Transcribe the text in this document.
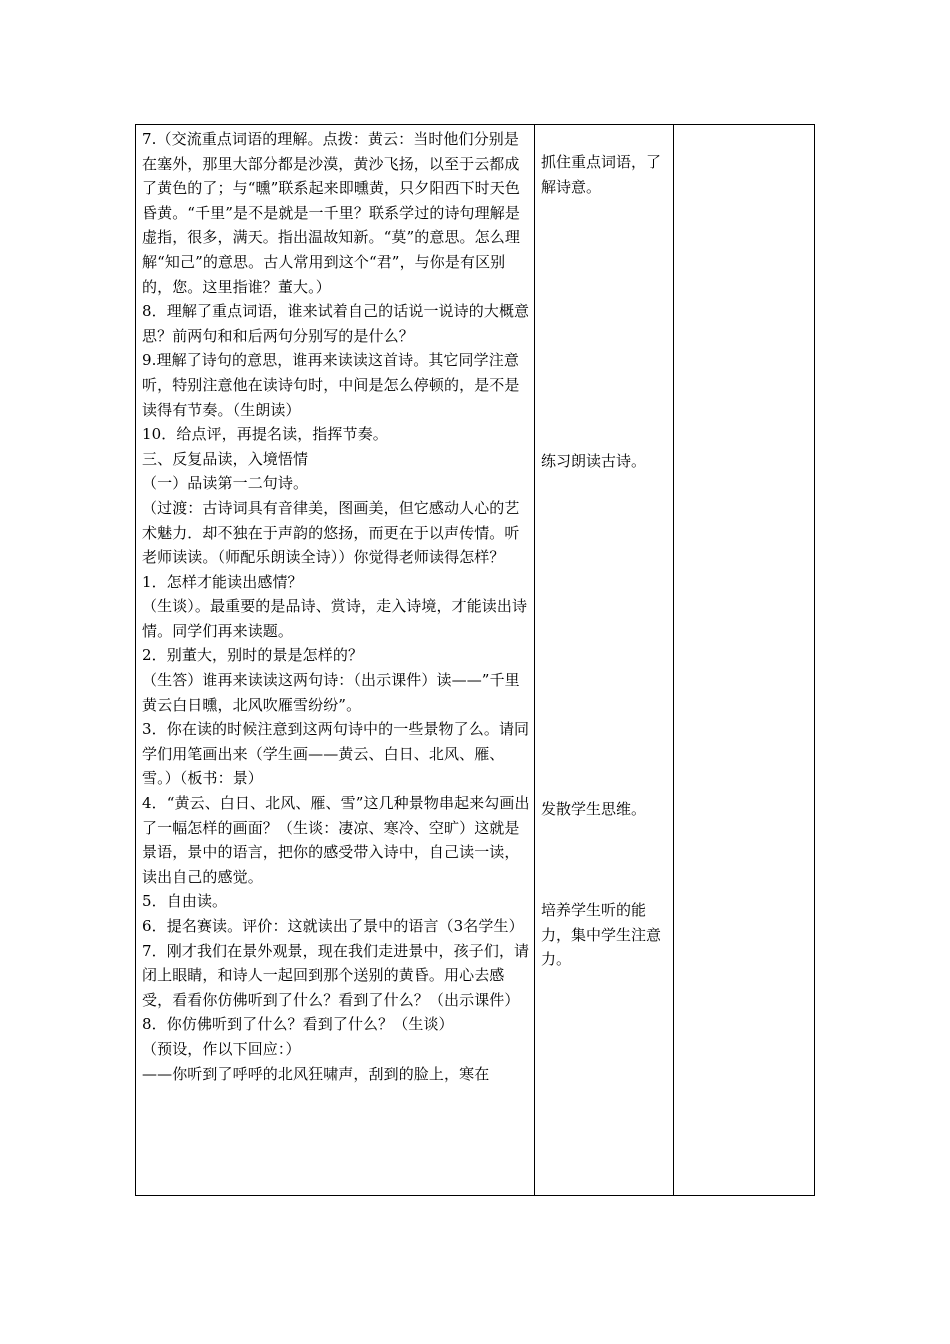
7.（交流重点词语的理解。点拨：黄云：当时他们分别是在塞外，那里大部分都是沙漠，黄沙飞扬，以至于云都成了黄色的了；与“曛”联系起来即曛黄，只夕阳西下时天色昏黄。“千里”是不是就是一千里？联系学过的诗句理解是虚指，很多，满天。指出温故知新。“莫”的意思。怎么理解“知己”的意思。古人常用到这个“君”，与你是有区别的，您。这里指谁？董大。）

8．理解了重点词语，谁来试着自己的话说一说诗的大概意思？前两句和和后两句分别写的是什么？

9.理解了诗句的意思，谁再来读读这首诗。其它同学注意听，特别注意他在读诗句时，中间是怎么停顿的，是不是读得有节奏。（生朗读）

10．给点评，再提名读，指挥节奏。

三、反复品读，入境悟情

（一）品读第一二句诗。

（过渡：古诗词具有音律美，图画美，但它感动人心的艺术魅力．却不独在于声韵的悠扬，而更在于以声传情。听老师读读。（师配乐朗读全诗））你觉得老师读得怎样？

1．怎样才能读出感情？

（生谈）。最重要的是品诗、赏诗，走入诗境，才能读出诗情。同学们再来读题。

2．别董大，别时的景是怎样的？

（生答）谁再来读读这两句诗：（出示课件）读——”千里黄云白日曛，北风吹雁雪纷纷”。

3．你在读的时候注意到这两句诗中的一些景物了么。请同学们用笔画出来（学生画——黄云、白日、北风、雁、雪。）（板书：景）

4．“黄云、白日、北风、雁、雪”这几种景物串起来勾画出了一幅怎样的画面？（生谈：凄凉、寒冷、空旷）这就是景语，景中的语言，把你的感受带入诗中，自己读一读，读出自己的感觉。

5．自由读。

6．提名赛读。评价：这就读出了景中的语言（3名学生）

7．刚才我们在景外观景，现在我们走进景中，孩子们，请闭上眼睛，和诗人一起回到那个送别的黄昏。用心去感受，看看你仿佛听到了什么？看到了什么？（出示课件）

8．你仿佛听到了什么？看到了什么？（生谈）

（预设，作以下回应：）

——你听到了呼呼的北风狂啸声，刮到的脸上，寒在

抓住重点词语，了解诗意。
练习朗读古诗。
发散学生思维。
培养学生听的能力，集中学生注意力。
